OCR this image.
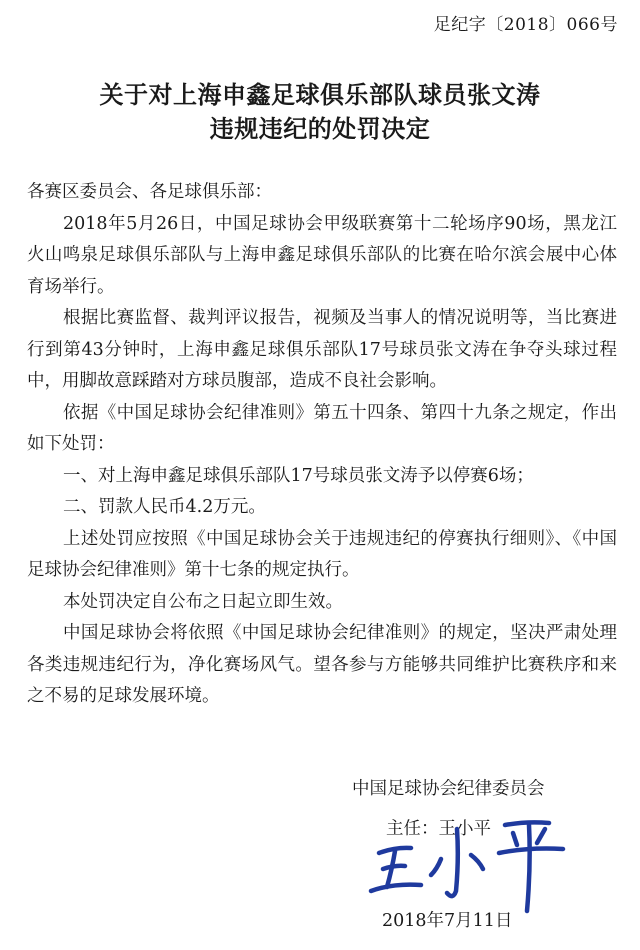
足纪字〔2018〕066号
关于对上海申鑫足球俱乐部队球员张文涛
违规违纪的处罚决定

各赛区委员会、各足球俱乐部：

2018年5月26日，中国足球协会甲级联赛第十二轮场序90场，黑龙江火山鸣泉足球俱乐部队与上海申鑫足球俱乐部队的比赛在哈尔滨会展中心体育场举行。

根据比赛监督、裁判评议报告，视频及当事人的情况说明等，当比赛进行到第43分钟时，上海申鑫足球俱乐部队17号球员张文涛在争夺头球过程中，用脚故意踩踏对方球员腹部，造成不良社会影响。

依据《中国足球协会纪律准则》第五十四条、第四十九条之规定，作出如下处罚：

一、对上海申鑫足球俱乐部队17号球员张文涛予以停赛6场；

二、罚款人民币4.2万元。

上述处罚应按照《中国足球协会关于违规违纪的停赛执行细则》、《中国足球协会纪律准则》第十七条的规定执行。

本处罚决定自公布之日起立即生效。

中国足球协会将依照《中国足球协会纪律准则》的规定，坚决严肃处理各类违规违纪行为，净化赛场风气。望各参与方能够共同维护比赛秩序和来之不易的足球发展环境。

中国足球协会纪律委员会
主任：王小平
2018年7月11日
